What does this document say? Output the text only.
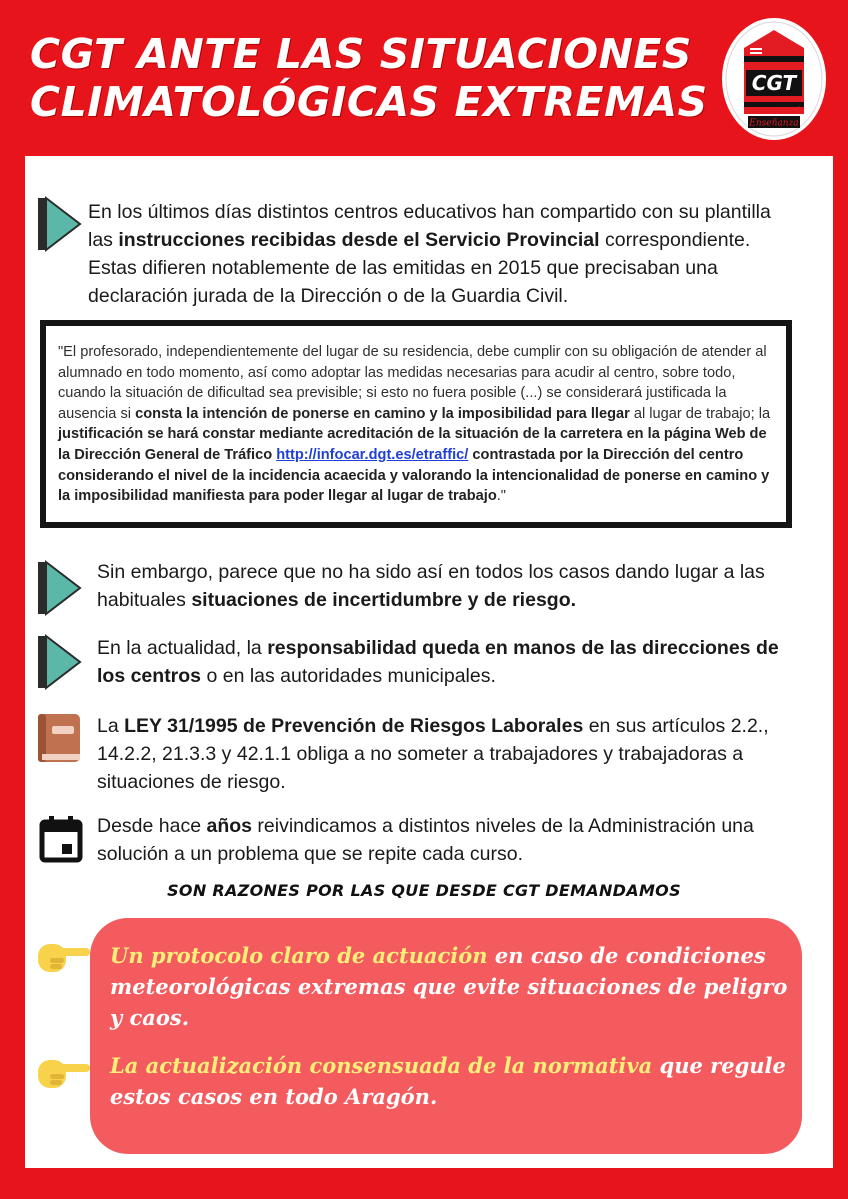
CGT ANTE LAS SITUACIONES
CLIMATOLÓGICAS EXTREMAS CGT
Aragón
Enseñanza

En los últimos días distintos centros educativos han compartido con su plantilla las instrucciones recibidas desde el Servicio Provincial correspondiente. Estas difieren notablemente de las emitidas en 2015 que precisaban una declaración jurada de la Dirección o de la Guardia Civil.

"El profesorado, independientemente del lugar de su residencia, debe cumplir con su obligación de atender al alumnado en todo momento, así como adoptar las medidas necesarias para acudir al centro, sobre todo, cuando la situación de dificultad sea previsible; si esto no fuera posible (...) se considerará justificada la ausencia si consta la intención de ponerse en camino y la imposibilidad para llegar al lugar de trabajo; la justificación se hará constar mediante acreditación de la situación de la carretera en la página Web de la Dirección General de Tráfico http://infocar.dgt.es/etraffic/ contrastada por la Dirección del centro considerando el nivel de la incidencia acaecida y valorando la intencionalidad de ponerse en camino y la imposibilidad manifiesta para poder llegar al lugar de trabajo."

Sin embargo, parece que no ha sido así en todos los casos dando lugar a las habituales situaciones de incertidumbre y de riesgo.

En la actualidad, la responsabilidad queda en manos de las direcciones de los centros o en las autoridades municipales.

La LEY 31/1995 de Prevención de Riesgos Laborales en sus artículos 2.2., 14.2.2, 21.3.3 y 42.1.1 obliga a no someter a trabajadores y trabajadoras a situaciones de riesgo.

Desde hace años reivindicamos a distintos niveles de la Administración una solución a un problema que se repite cada curso.

SON RAZONES POR LAS QUE DESDE CGT DEMANDAMOS

Un protocolo claro de actuación en caso de condiciones meteorológicas extremas que evite situaciones de peligro y caos.

La actualización consensuada de la normativa que regule estos casos en todo Aragón.
